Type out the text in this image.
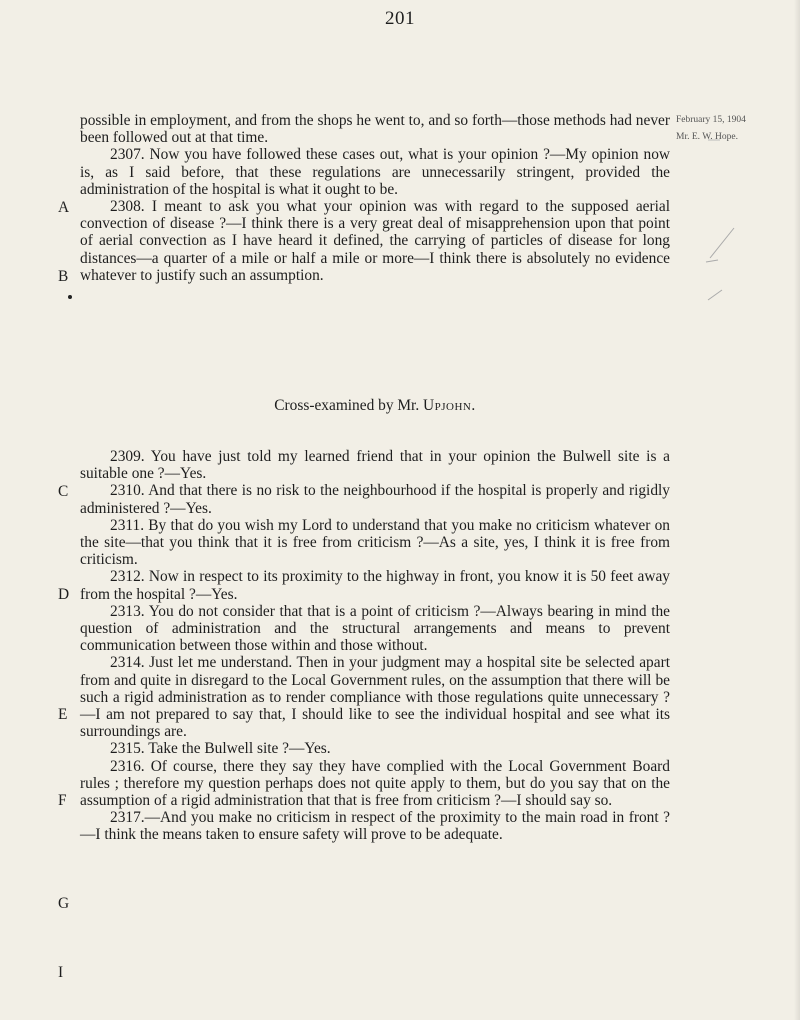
201
February 15, 1904
Mr. E. W. Hope.

possible in employment, and from the shops he went to, and so forth—those methods had never been followed out at that time.

2307. Now you have followed these cases out, what is your opinion ?—My opinion now is, as I said before, that these regulations are unnecessarily stringent, provided the administration of the hospital is what it ought to be.

2308. I meant to ask you what your opinion was with regard to the supposed aerial convection of disease ?—I think there is a very great deal of misapprehension upon that point of aerial convection as I have heard it defined, the carrying of particles of disease for long distances—a quarter of a mile or half a mile or more—I think there is absolutely no evidence whatever to justify such an assumption.

Cross-examined by Mr. Upjohn.

2309. You have just told my learned friend that in your opinion the Bulwell site is a suitable one ?—Yes.

2310. And that there is no risk to the neighbourhood if the hospital is properly and rigidly administered ?—Yes.

2311. By that do you wish my Lord to understand that you make no criticism whatever on the site—that you think that it is free from criticism ?—As a site, yes, I think it is free from criticism.

2312. Now in respect to its proximity to the highway in front, you know it is 50 feet away from the hospital ?—Yes.

2313. You do not consider that that is a point of criticism ?—Always bearing in mind the question of administration and the structural arrangements and means to prevent communication between those within and those without.

2314. Just let me understand. Then in your judgment may a hospital site be selected apart from and quite in disregard to the Local Government rules, on the assumption that there will be such a rigid administration as to render compliance with those regulations quite unnecessary ?—I am not prepared to say that, I should like to see the individual hospital and see what its surroundings are.

2315. Take the Bulwell site ?—Yes.

2316. Of course, there they say they have complied with the Local Government Board rules ; therefore my question perhaps does not quite apply to them, but do you say that on the assumption of a rigid administration that that is free from criticism ?—I should say so.

2317.—And you make no criticism in respect of the proximity to the main road in front ?—I think the means taken to ensure safety will prove to be adequate.

A
B
C
D
E
F
G
I
